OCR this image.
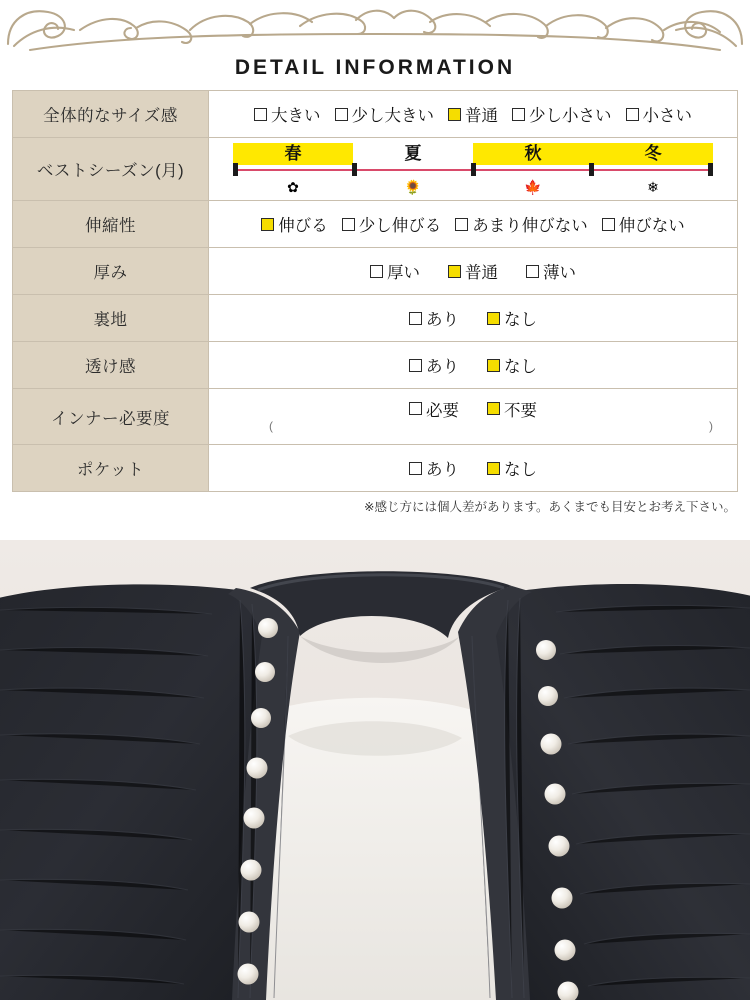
DETAIL INFORMATION
全体的なサイズ感	大きい 少し大きい 普通 少し小さい 小さい

ベストシーズン(月)	
春	夏	秋	冬
✿	🌻	🍁	❄

伸縮性	伸びる 少し伸びる あまり伸びない 伸びない

厚み	厚い 普通 薄い

裏地	あり なし

透け感	あり なし

インナー必要度	必要 不要
( )

ポケット	あり なし
※感じ方には個人差があります。あくまでも目安とお考え下さい。
